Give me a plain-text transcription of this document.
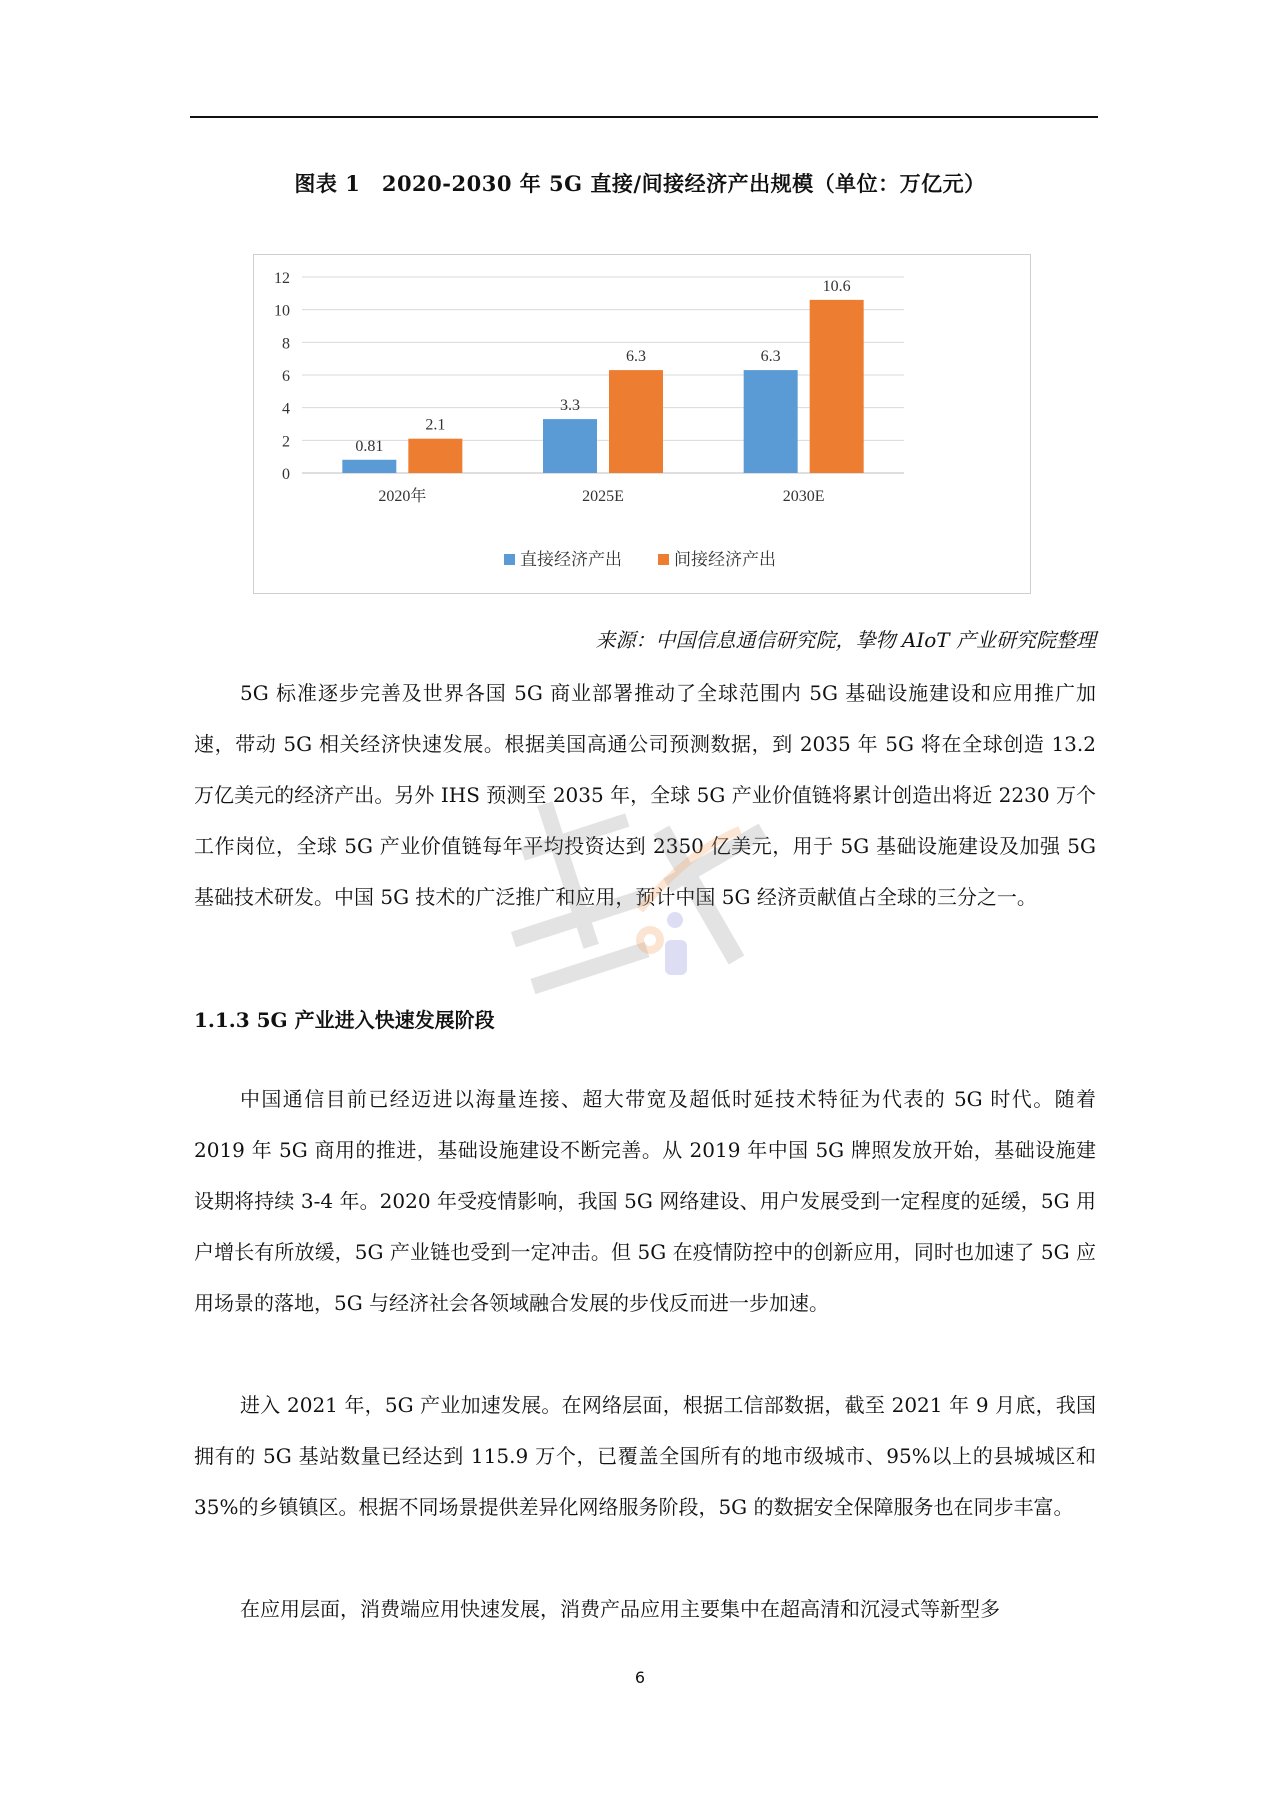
图表 1　2020-2030 年 5G 直接/间接经济产出规模（单位：万亿元）
0
2
4
6
8
10
12
2020年
0.81
2.1
2025E
3.3
6.3
2030E
6.3
10.6
直接经济产出	间接经济产出
来源：中国信息通信研究院，挚物 AIoT 产业研究院整理

5G 标准逐步完善及世界各国 5G 商业部署推动了全球范围内 5G 基础设施建设和应用推广加速，带动 5G 相关经济快速发展。根据美国高通公司预测数据，到 2035 年 5G 将在全球创造 13.2 万亿美元的经济产出。另外 IHS 预测至 2035 年，全球 5G 产业价值链将累计创造出将近 2230 万个工作岗位，全球 5G 产业价值链每年平均投资达到 2350 亿美元，用于 5G 基础设施建设及加强 5G 基础技术研发。中国 5G 技术的广泛推广和应用，预计中国 5G 经济贡献值占全球的三分之一。

1.1.3 5G 产业进入快速发展阶段

中国通信目前已经迈进以海量连接、超大带宽及超低时延技术特征为代表的 5G 时代。随着 2019 年 5G 商用的推进，基础设施建设不断完善。从 2019 年中国 5G 牌照发放开始，基础设施建设期将持续 3-4 年。2020 年受疫情影响，我国 5G 网络建设、用户发展受到一定程度的延缓，5G 用户增长有所放缓，5G 产业链也受到一定冲击。但 5G 在疫情防控中的创新应用，同时也加速了 5G 应用场景的落地，5G 与经济社会各领域融合发展的步伐反而进一步加速。

进入 2021 年，5G 产业加速发展。在网络层面，根据工信部数据，截至 2021 年 9 月底，我国拥有的 5G 基站数量已经达到 115.9 万个，已覆盖全国所有的地市级城市、95%以上的县城城区和 35%的乡镇镇区。根据不同场景提供差异化网络服务阶段，5G 的数据安全保障服务也在同步丰富。

在应用层面，消费端应用快速发展，消费产品应用主要集中在超高清和沉浸式等新型多

6
